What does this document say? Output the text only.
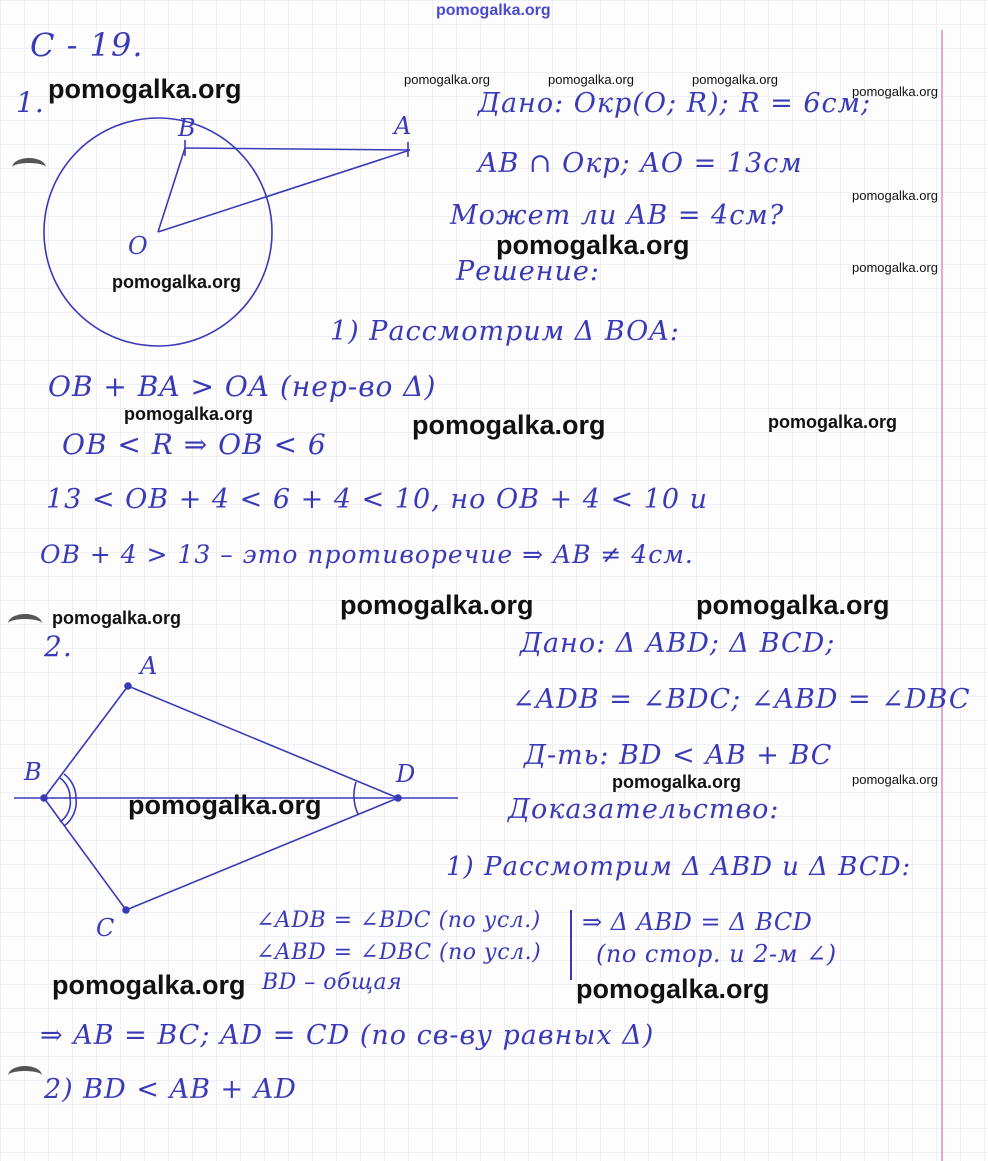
B	A
O
A
B	D
C
С - 19.
1.	Дано: Окр(O; R); R = 6см;
AB ∩ Окр; AO = 13см
Может ли AB = 4см?
Решение:
1) Рассмотрим Δ BOA:
OB + BA > OA (нер-во Δ)
OB < R ⇒ OB < 6
13 < OB + 4 < 6 + 4 < 10, но OB + 4 < 10 и
OB + 4 > 13 – это противоречие ⇒ AB ≠ 4см.
2.	Дано: Δ ABD; Δ BCD;
∠ADB = ∠BDC; ∠ABD = ∠DBC
Д-ть: BD < AB + BC
Доказательство:
1) Рассмотрим Δ ABD и Δ BCD:
∠ADB = ∠BDC (по усл.)
∠ABD = ∠DBC (по усл.)
BD – общая
⇒ Δ ABD = Δ BCD
(по стор. и 2-м ∠)
⇒ AB = BC; AD = CD (по св-ву равных Δ)
2) BD < AB + AD
pomogalka.org
pomogalka.org	pomogalka.org	pomogalka.org	pomogalka.org
pomogalka.org
pomogalka.org
pomogalka.org
pomogalka.org
pomogalka.org
pomogalka.org	pomogalka.org	pomogalka.org
pomogalka.org	pomogalka.org
pomogalka.org
pomogalka.org	pomogalka.org
pomogalka.org
pomogalka.org	pomogalka.org
